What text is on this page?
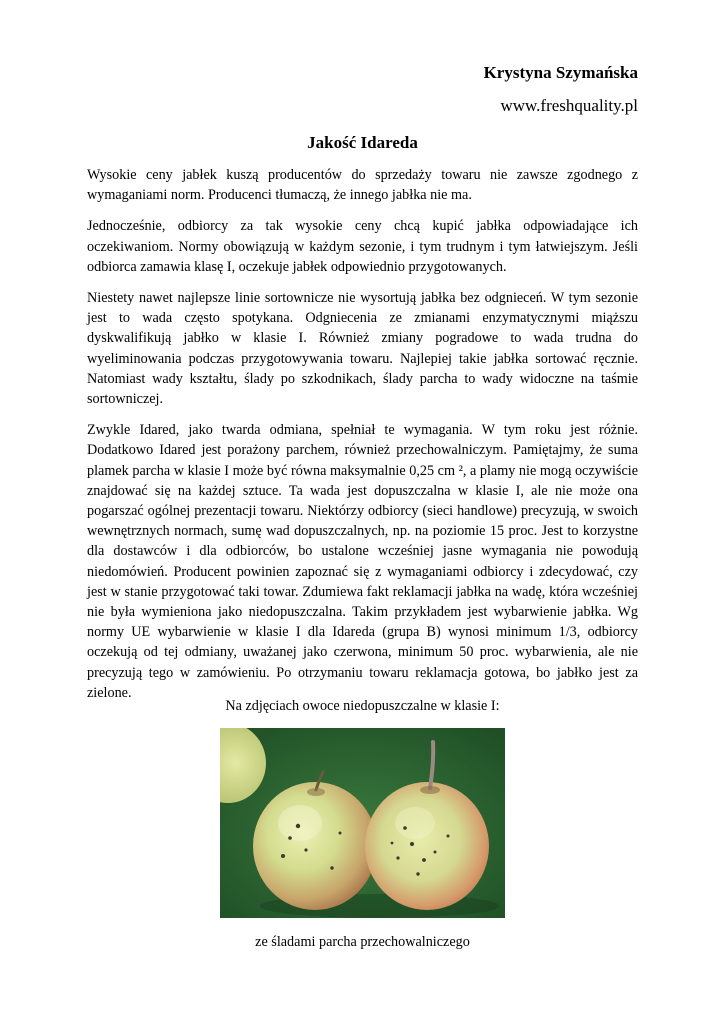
Krystyna Szymańska
www.freshquality.pl
Jakość Idareda

Wysokie ceny jabłek kuszą producentów do sprzedaży towaru nie zawsze zgodnego z wymaganiami norm. Producenci tłumaczą, że innego jabłka nie ma.

Jednocześnie, odbiorcy za tak wysokie ceny chcą kupić jabłka odpowiadające ich oczekiwaniom. Normy obowiązują w każdym sezonie, i tym trudnym i tym łatwiejszym. Jeśli odbiorca zamawia klasę I, oczekuje jabłek odpowiednio przygotowanych.

Niestety nawet najlepsze linie sortownicze nie wysortują jabłka bez odgnieceń. W tym sezonie jest to wada często spotykana. Odgniecenia ze zmianami enzymatycznymi miąższu dyskwalifikują jabłko w klasie I. Również zmiany pogradowe to wada trudna do wyeliminowania podczas przygotowywania towaru. Najlepiej takie jabłka sortować ręcznie. Natomiast wady kształtu, ślady po szkodnikach, ślady parcha to wady widoczne na taśmie sortowniczej.

Zwykle Idared, jako twarda odmiana, spełniał te wymagania. W tym roku jest różnie. Dodatkowo Idared jest porażony parchem, również przechowalniczym. Pamiętajmy, że suma plamek parcha w klasie I może być równa maksymalnie 0,25 cm ², a plamy nie mogą oczywiście znajdować się na każdej sztuce. Ta wada jest dopuszczalna w klasie I, ale nie może ona pogarszać ogólnej prezentacji towaru. Niektórzy odbiorcy (sieci handlowe) precyzują, w swoich wewnętrznych normach, sumę wad dopuszczalnych, np. na poziomie 15 proc. Jest to korzystne dla dostawców i dla odbiorców, bo ustalone wcześniej jasne wymagania nie powodują niedomówień. Producent powinien zapoznać się z wymaganiami odbiorcy i zdecydować, czy jest w stanie przygotować taki towar. Zdumiewa fakt reklamacji jabłka na wadę, która wcześniej nie była wymieniona jako niedopuszczalna. Takim przykładem jest wybarwienie jabłka. Wg normy UE wybarwienie w klasie I dla Idareda (grupa B) wynosi minimum 1/3, odbiorcy oczekują od tej odmiany, uważanej jako czerwona, minimum 50 proc. wybarwienia, ale nie precyzują tego w zamówieniu. Po otrzymaniu towaru reklamacja gotowa, bo jabłko jest za zielone.

Na zdjęciach owoce niedopuszczalne w klasie I:
ze śladami parcha przechowalniczego
